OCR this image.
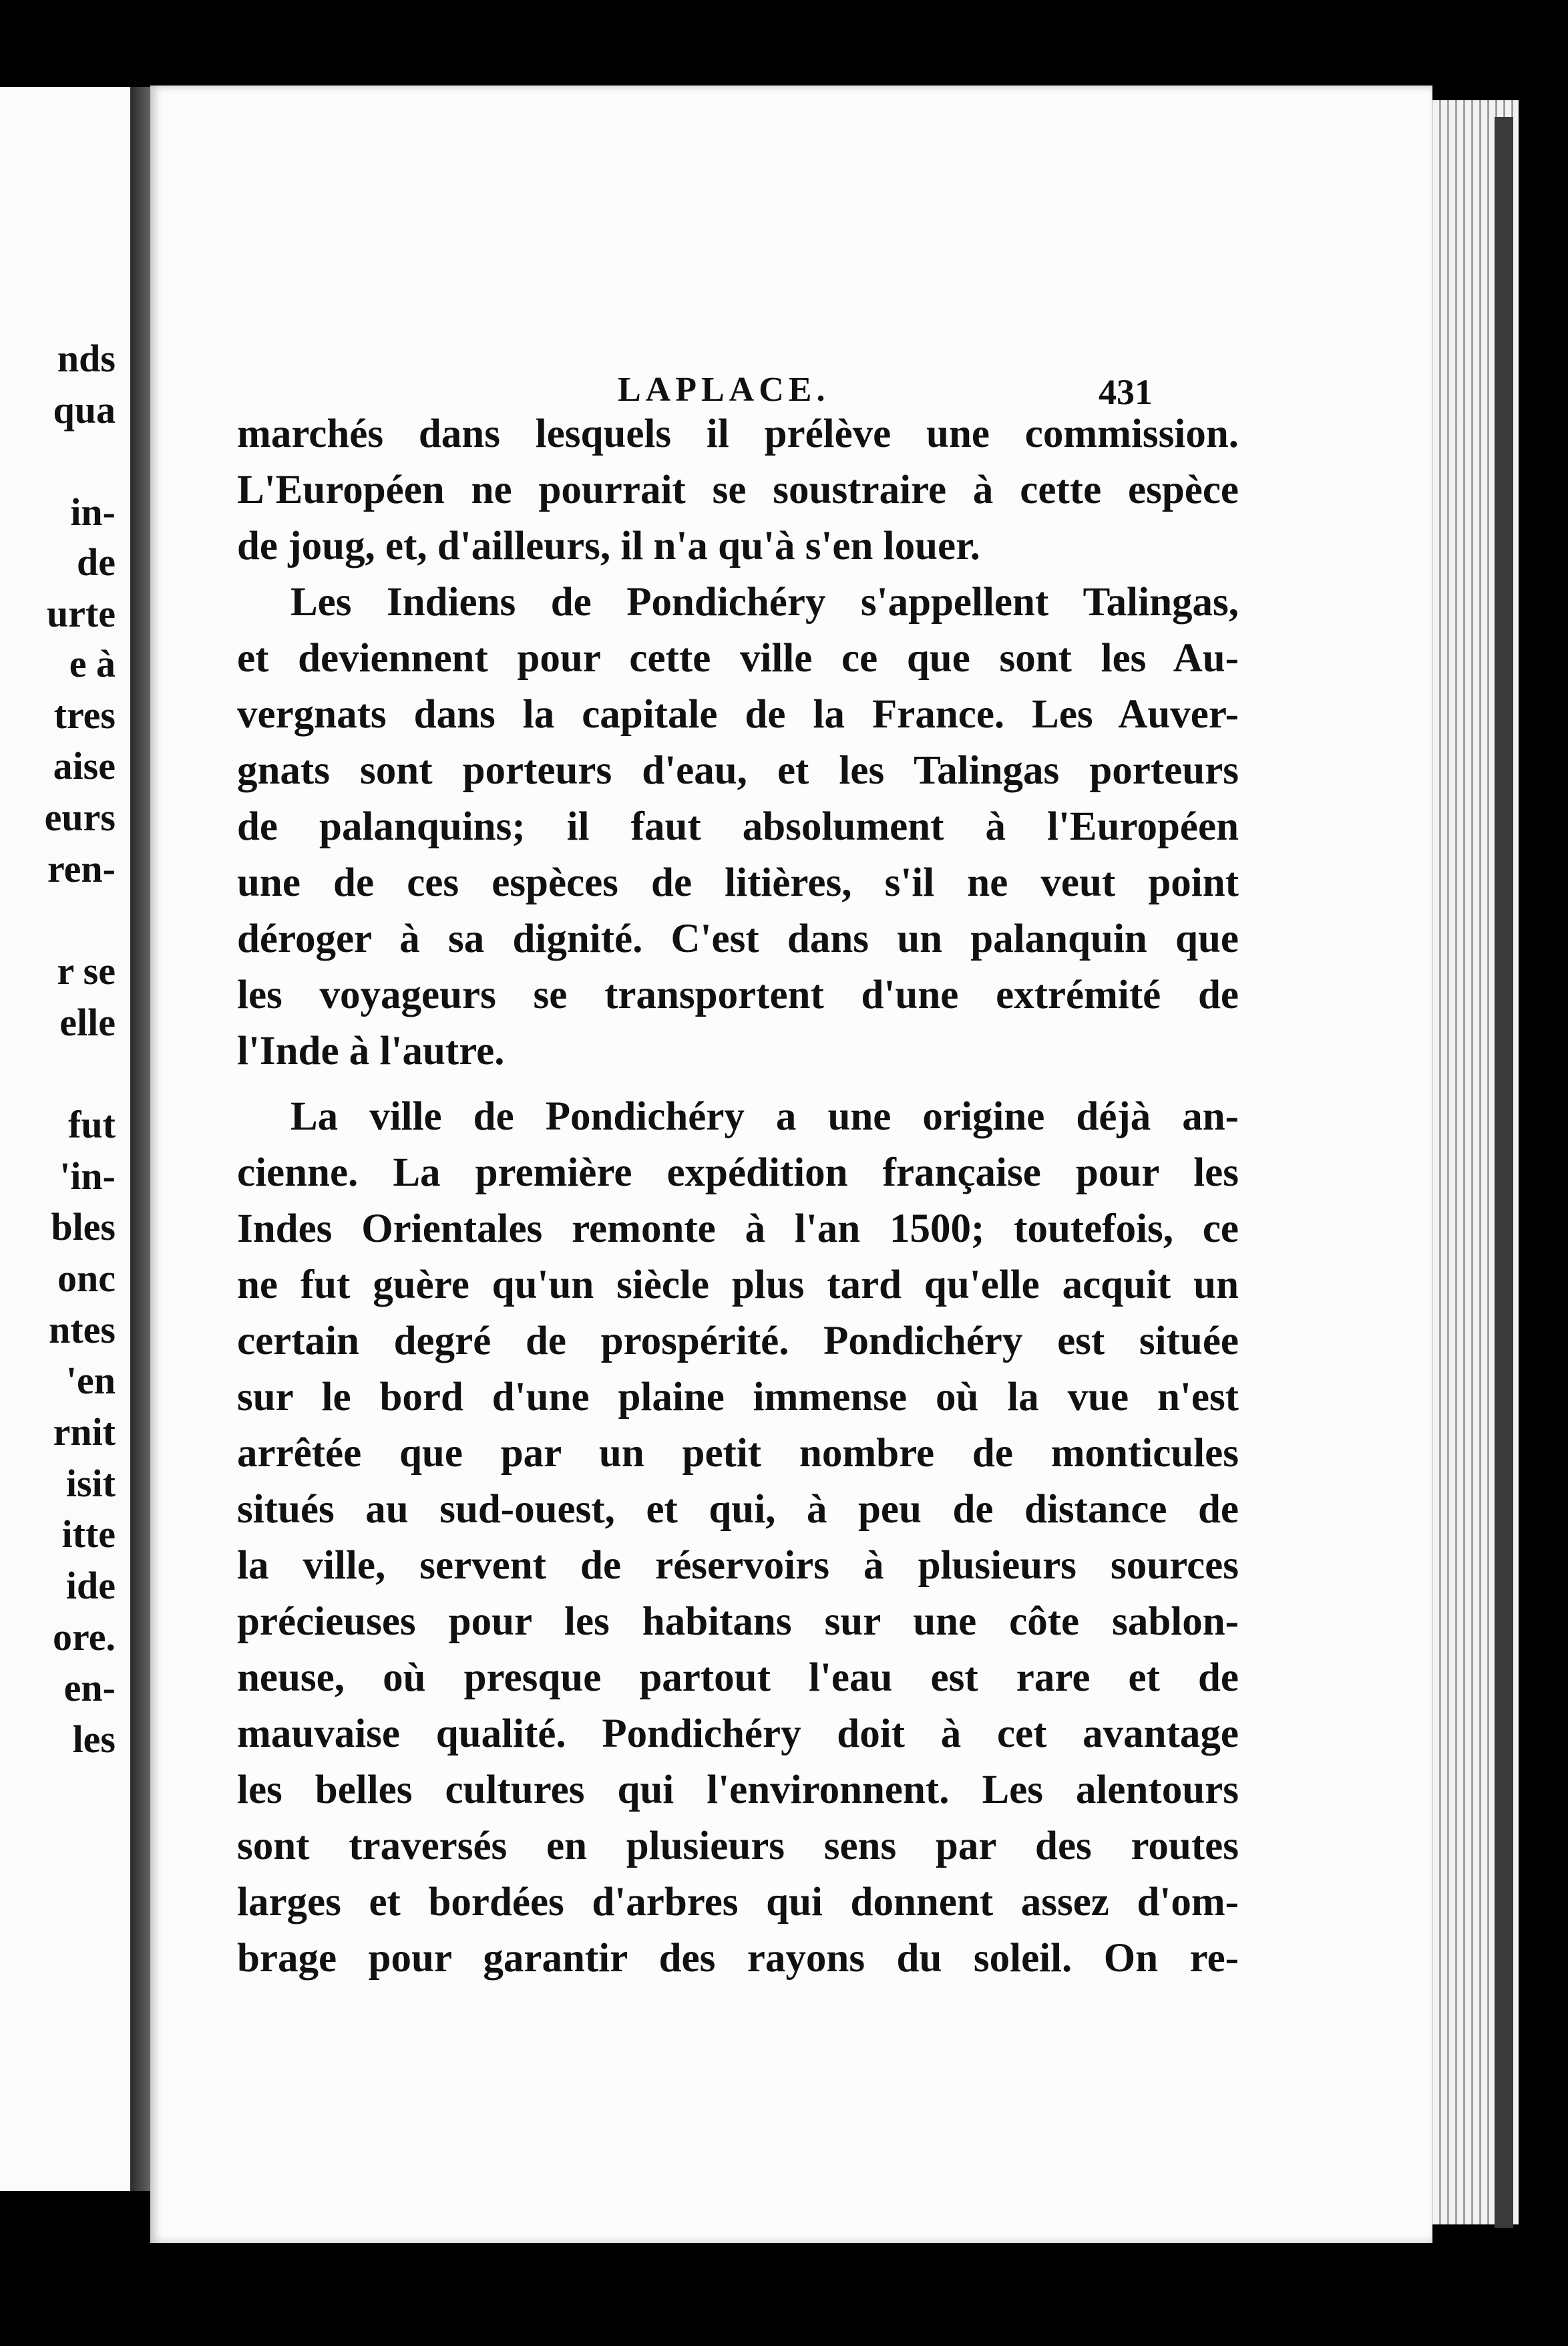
nds
qua
in-
de
urte
e à
tres
aise
eurs
ren-
r se
elle
fut
'in-
bles
onc
ntes
'en
rnit
isit
itte
ide
ore.
en-
les
LAPLACE.	431
marchés dans lesquels il prélève une commission.
L'Européen ne pourrait se soustraire à cette espèce
de joug, et, d'ailleurs, il n'a qu'à s'en louer.
Les Indiens de Pondichéry s'appellent Talingas,
et deviennent pour cette ville ce que sont les Au-
vergnats dans la capitale de la France. Les Auver-
gnats sont porteurs d'eau, et les Talingas porteurs
de palanquins; il faut absolument à l'Européen
une de ces espèces de litières, s'il ne veut point
déroger à sa dignité. C'est dans un palanquin que
les voyageurs se transportent d'une extrémité de
l'Inde à l'autre.
La ville de Pondichéry a une origine déjà an-
cienne. La première expédition française pour les
Indes Orientales remonte à l'an 1500; toutefois, ce
ne fut guère qu'un siècle plus tard qu'elle acquit un
certain degré de prospérité. Pondichéry est située
sur le bord d'une plaine immense où la vue n'est
arrêtée que par un petit nombre de monticules
situés au sud-ouest, et qui, à peu de distance de
la ville, servent de réservoirs à plusieurs sources
précieuses pour les habitans sur une côte sablon-
neuse, où presque partout l'eau est rare et de
mauvaise qualité. Pondichéry doit à cet avantage
les belles cultures qui l'environnent. Les alentours
sont traversés en plusieurs sens par des routes
larges et bordées d'arbres qui donnent assez d'om-
brage pour garantir des rayons du soleil. On re-
